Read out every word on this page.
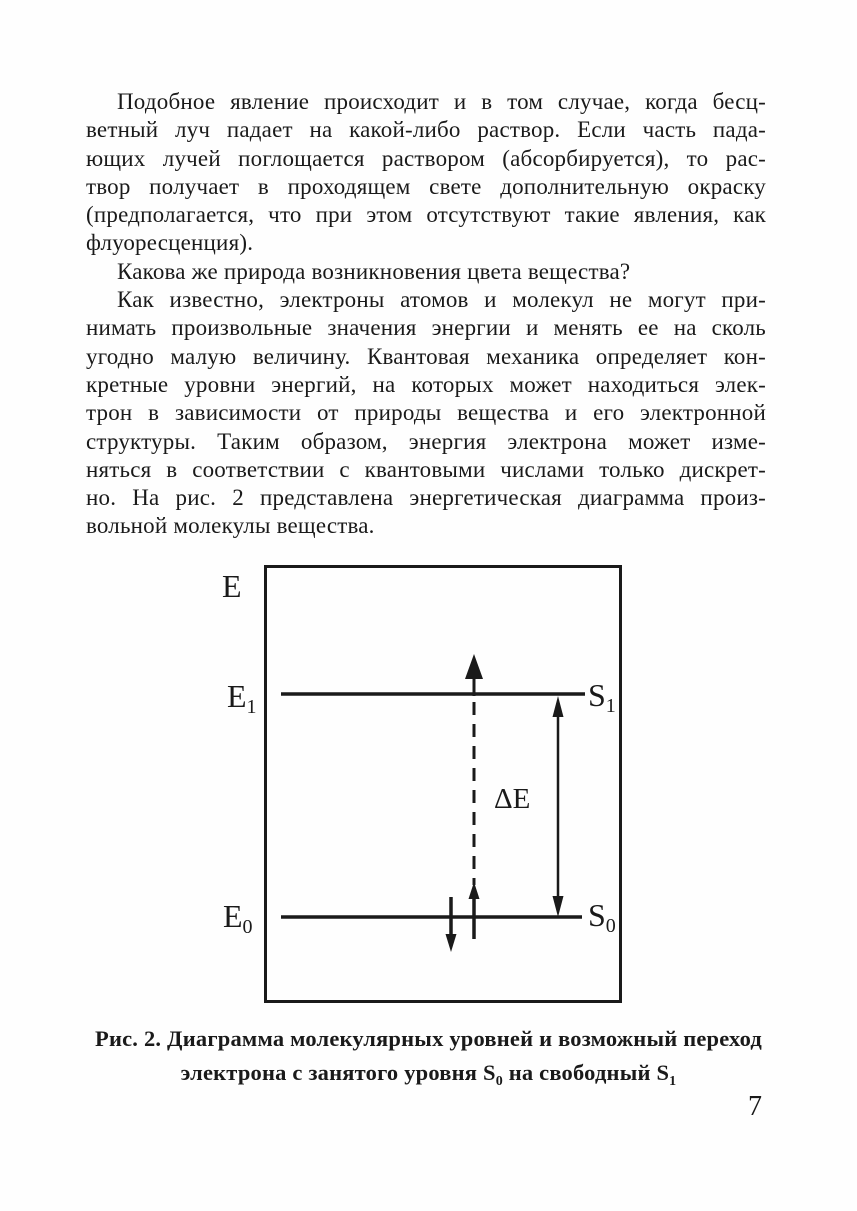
Подобное явление происходит и в том случае, когда бесц-
ветный луч падает на какой-либо раствор. Если часть пада-
ющих лучей поглощается раствором (абсорбируется), то рас-
твор получает в проходящем свете дополнительную окраску
(предполагается, что при этом отсутствуют такие явления, как
флуоресценция).
Какова же природа возникновения цвета вещества?
Как известно, электроны атомов и молекул не могут при-
нимать произвольные значения энергии и менять ее на сколь
угодно малую величину. Квантовая механика определяет кон-
кретные уровни энергий, на которых может находиться элек-
трон в зависимости от природы вещества и его электронной
структуры. Таким образом, энергия электрона может изме-
няться в соответствии с квантовыми числами только дискрет-
но. На рис. 2 представлена энергетическая диаграмма произ-
вольной молекулы вещества.
E
$E_1$
$E_0$
$S_1$
$S_0$
ΔE
Рис. 2. Диаграмма молекулярных уровней и возможный переход
электрона с занятого уровня $S_0$ на свободный $S_1$
7
